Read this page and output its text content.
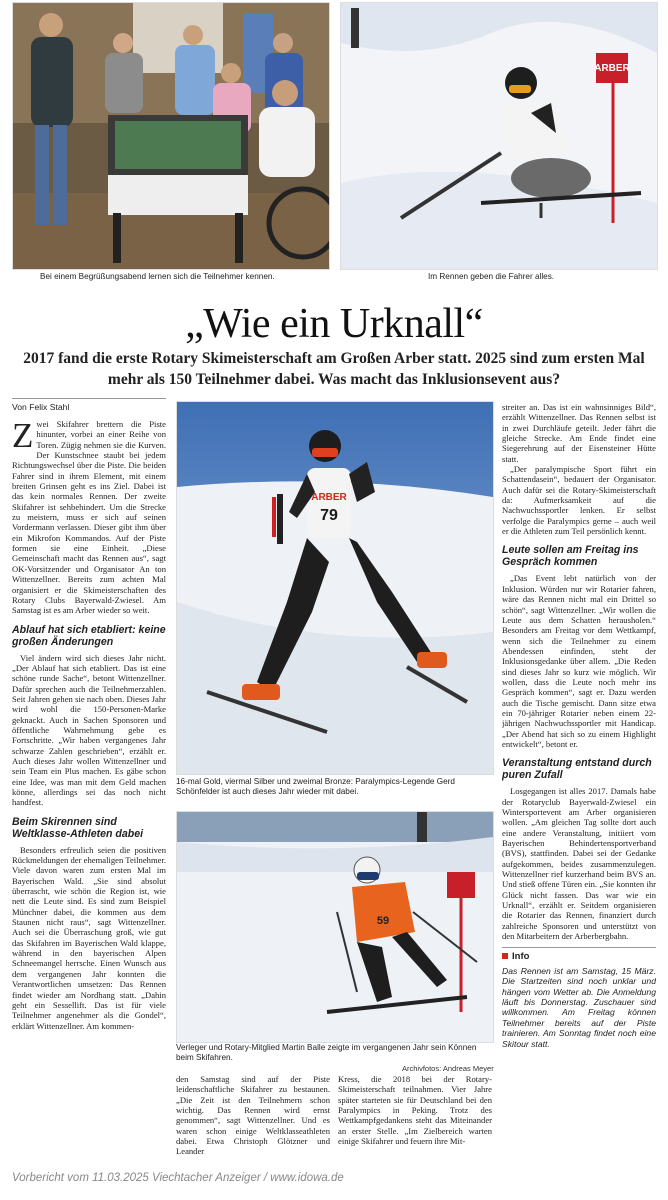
Bei einem Begrüßungsabend lernen sich die Teilnehmer kennen.
ARBER
Im Rennen geben die Fahrer alles.
„Wie ein Urknall“
2017 fand die erste Rotary Skimeisterschaft am Großen Arber statt. 2025 sind zum ersten Mal mehr als 150 Teilnehmer dabei. Was macht das Inklusionsevent aus?
Von Felix Stahl

Zwei Skifahrer brettern die Piste hinunter, vorbei an einer Reihe von Toren. Zügig nehmen sie die Kurven. Der Kunstschnee staubt bei jedem Richtungswechsel über die Piste. Die beiden Fahrer sind in ihrem Element, mit einem breiten Grinsen geht es ins Ziel. Dabei ist das kein normales Rennen. Der zweite Skifahrer ist sehbehindert. Um die Strecke zu meistern, muss er sich auf seinen Vordermann verlassen. Dieser gibt ihm über ein Mikrofon Kommandos. Auf der Piste formen sie eine Einheit. „Diese Gemeinschaft macht das Rennen aus“, sagt OK-Vorsitzender und Organisator An ton Wittenzellner. Bereits zum achten Mal organisiert er die Skimeisterschaften des Rotary Clubs Bayerwald-Zwiesel. Am Samstag ist es am Arber wieder so weit.

Ablauf hat sich etabliert: keine großen Änderungen

Viel ändern wird sich dieses Jahr nicht. „Der Ablauf hat sich etabliert. Das ist eine schöne runde Sache“, betont Wittenzellner. Dafür sprechen auch die Teilnehmerzahlen. Seit Jahren gehen sie nach oben. Dieses Jahr wird wohl die 150-Personen-Marke geknackt. Auch in Sachen Sponsoren und öffentliche Wahrnehmung gebe es Fortschritte. „Wir haben vergangenes Jahr schwarze Zahlen geschrieben“, erzählt er. Auch dieses Jahr wollen Wittenzellner und sein Team ein Plus machen. Es gäbe schon eine Idee, was man mit dem Geld machen könne, allerdings sei das noch nicht handfest.

Beim Skirennen sind Weltklasse-Athleten dabei

Besonders erfreulich seien die positiven Rückmeldungen der ehemaligen Teilnehmer. Viele davon waren zum ersten Mal im Bayerischen Wald. „Sie sind absolut überrascht, wie schön die Region ist, wie nett die Leute sind. Es sind zum Beispiel Münchner dabei, die kommen aus dem Staunen nicht raus“, sagt Wittenzellner. Auch sei die Überraschung groß, wie gut das Skifahren im Bayerischen Wald klappe, während in den bayerischen Alpen Schneemangel herrsche. Einen Wunsch aus dem vergangenen Jahr konnten die Verantwortlichen umsetzen: Das Rennen findet wieder am Nordhang statt. „Dahin geht ein Sessellift. Das ist für viele Teilnehmer angenehmer als die Gondel“, erklärt Wittenzellner. Am kommen-

ARBER
79
16-mal Gold, viermal Silber und zweimal Bronze: Paralympics-Legende Gerd Schönfelder ist auch dieses Jahr wieder mit dabei.
59
Verleger und Rotary-Mitglied Martin Balle zeigte im vergangenen Jahr sein Können beim Skifahren.
Archivfotos: Andreas Meyer

den Samstag sind auf der Piste leidenschaftliche Skifahrer zu bestaunen. „Die Zeit ist den Teilnehmern schon wichtig. Das Rennen wird ernst genommen“, sagt Wittenzellner. Und es waren schon einige Weltklasseathleten dabei. Etwa Christoph Glötzner und Leander

Kress, die 2018 bei der Rotary-Skimeisterschaft teilnahmen. Vier Jahre später starteten sie für Deutschland bei den Paralympics in Peking. Trotz des Wettkampfgedankens steht das Miteinander an erster Stelle. „Im Zielbereich warten einige Skifahrer und feuern ihre Mit-

streiter an. Das ist ein wahnsinniges Bild“, erzählt Wittenzellner. Das Rennen selbst ist in zwei Durchläufe geteilt. Jeder fährt die gleiche Strecke. Am Ende findet eine Siegerehrung auf der Eisensteiner Hütte statt.

„Der paralympische Sport führt ein Schattendasein“, bedauert der Organisator. Auch dafür sei die Rotary-Skimeisterschaft da: Aufmerksamkeit auf die Nachwuchssportler lenken. Er selbst verfolge die Paralympics gerne – auch weil er die Athleten zum Teil persönlich kennt.

Leute sollen am Freitag ins Gespräch kommen

„Das Event lebt natürlich von der Inklusion. Würden nur wir Rotarier fahren, wäre das Rennen nicht mal ein Drittel so schön“, sagt Wittenzellner. „Wir wollen die Leute aus dem Schatten herausholen.“ Besonders am Freitag vor dem Wettkampf, wenn sich die Teilnehmer zu einem Abendessen einfinden, steht der Inklusionsgedanke über allem. „Die Reden sind dieses Jahr so kurz wie möglich. Wir wollen, dass die Leute noch mehr ins Gespräch kommen“, sagt er. Dazu werden auch die Tische gemischt. Dann sitze etwa ein 70-jähriger Rotarier neben einem 22-jährigen Nachwuchssportler mit Handicap. „Der Abend hat sich so zu einem Highlight entwickelt“, betont er.

Veranstaltung entstand durch puren Zufall

Losgegangen ist alles 2017. Damals habe der Rotaryclub Bayerwald-Zwiesel ein Wintersportevent am Arber organisieren wollen. „Am gleichen Tag sollte dort auch eine andere Veranstaltung, initiiert vom Bayerischen Behindertensportverband (BVS), stattfinden. Dabei sei der Gedanke aufgekommen, beides zusammenzulegen. Wittenzellner rief kurzerhand beim BVS an. Und stieß offene Türen ein. „Sie konnten ihr Glück nicht fassen. Das war wie ein Urknall“, erzählt er. Seitdem organisieren die Rotarier das Rennen, finanziert durch zahlreiche Sponsoren und unterstützt von den Mitarbeitern der Arberbergbahn.

Info
Das Rennen ist am Samstag, 15 März. Die Startzeiten sind noch unklar und hängen vom Wetter ab. Die Anmeldung läuft bis Donnerstag. Zuschauer sind willkommen. Am Freitag können Teilnehmer bereits auf der Piste trainieren. Am Sonntag findet noch eine Skitour statt.
Vorbericht vom 11.03.2025 Viechtacher Anzeiger / www.idowa.de
